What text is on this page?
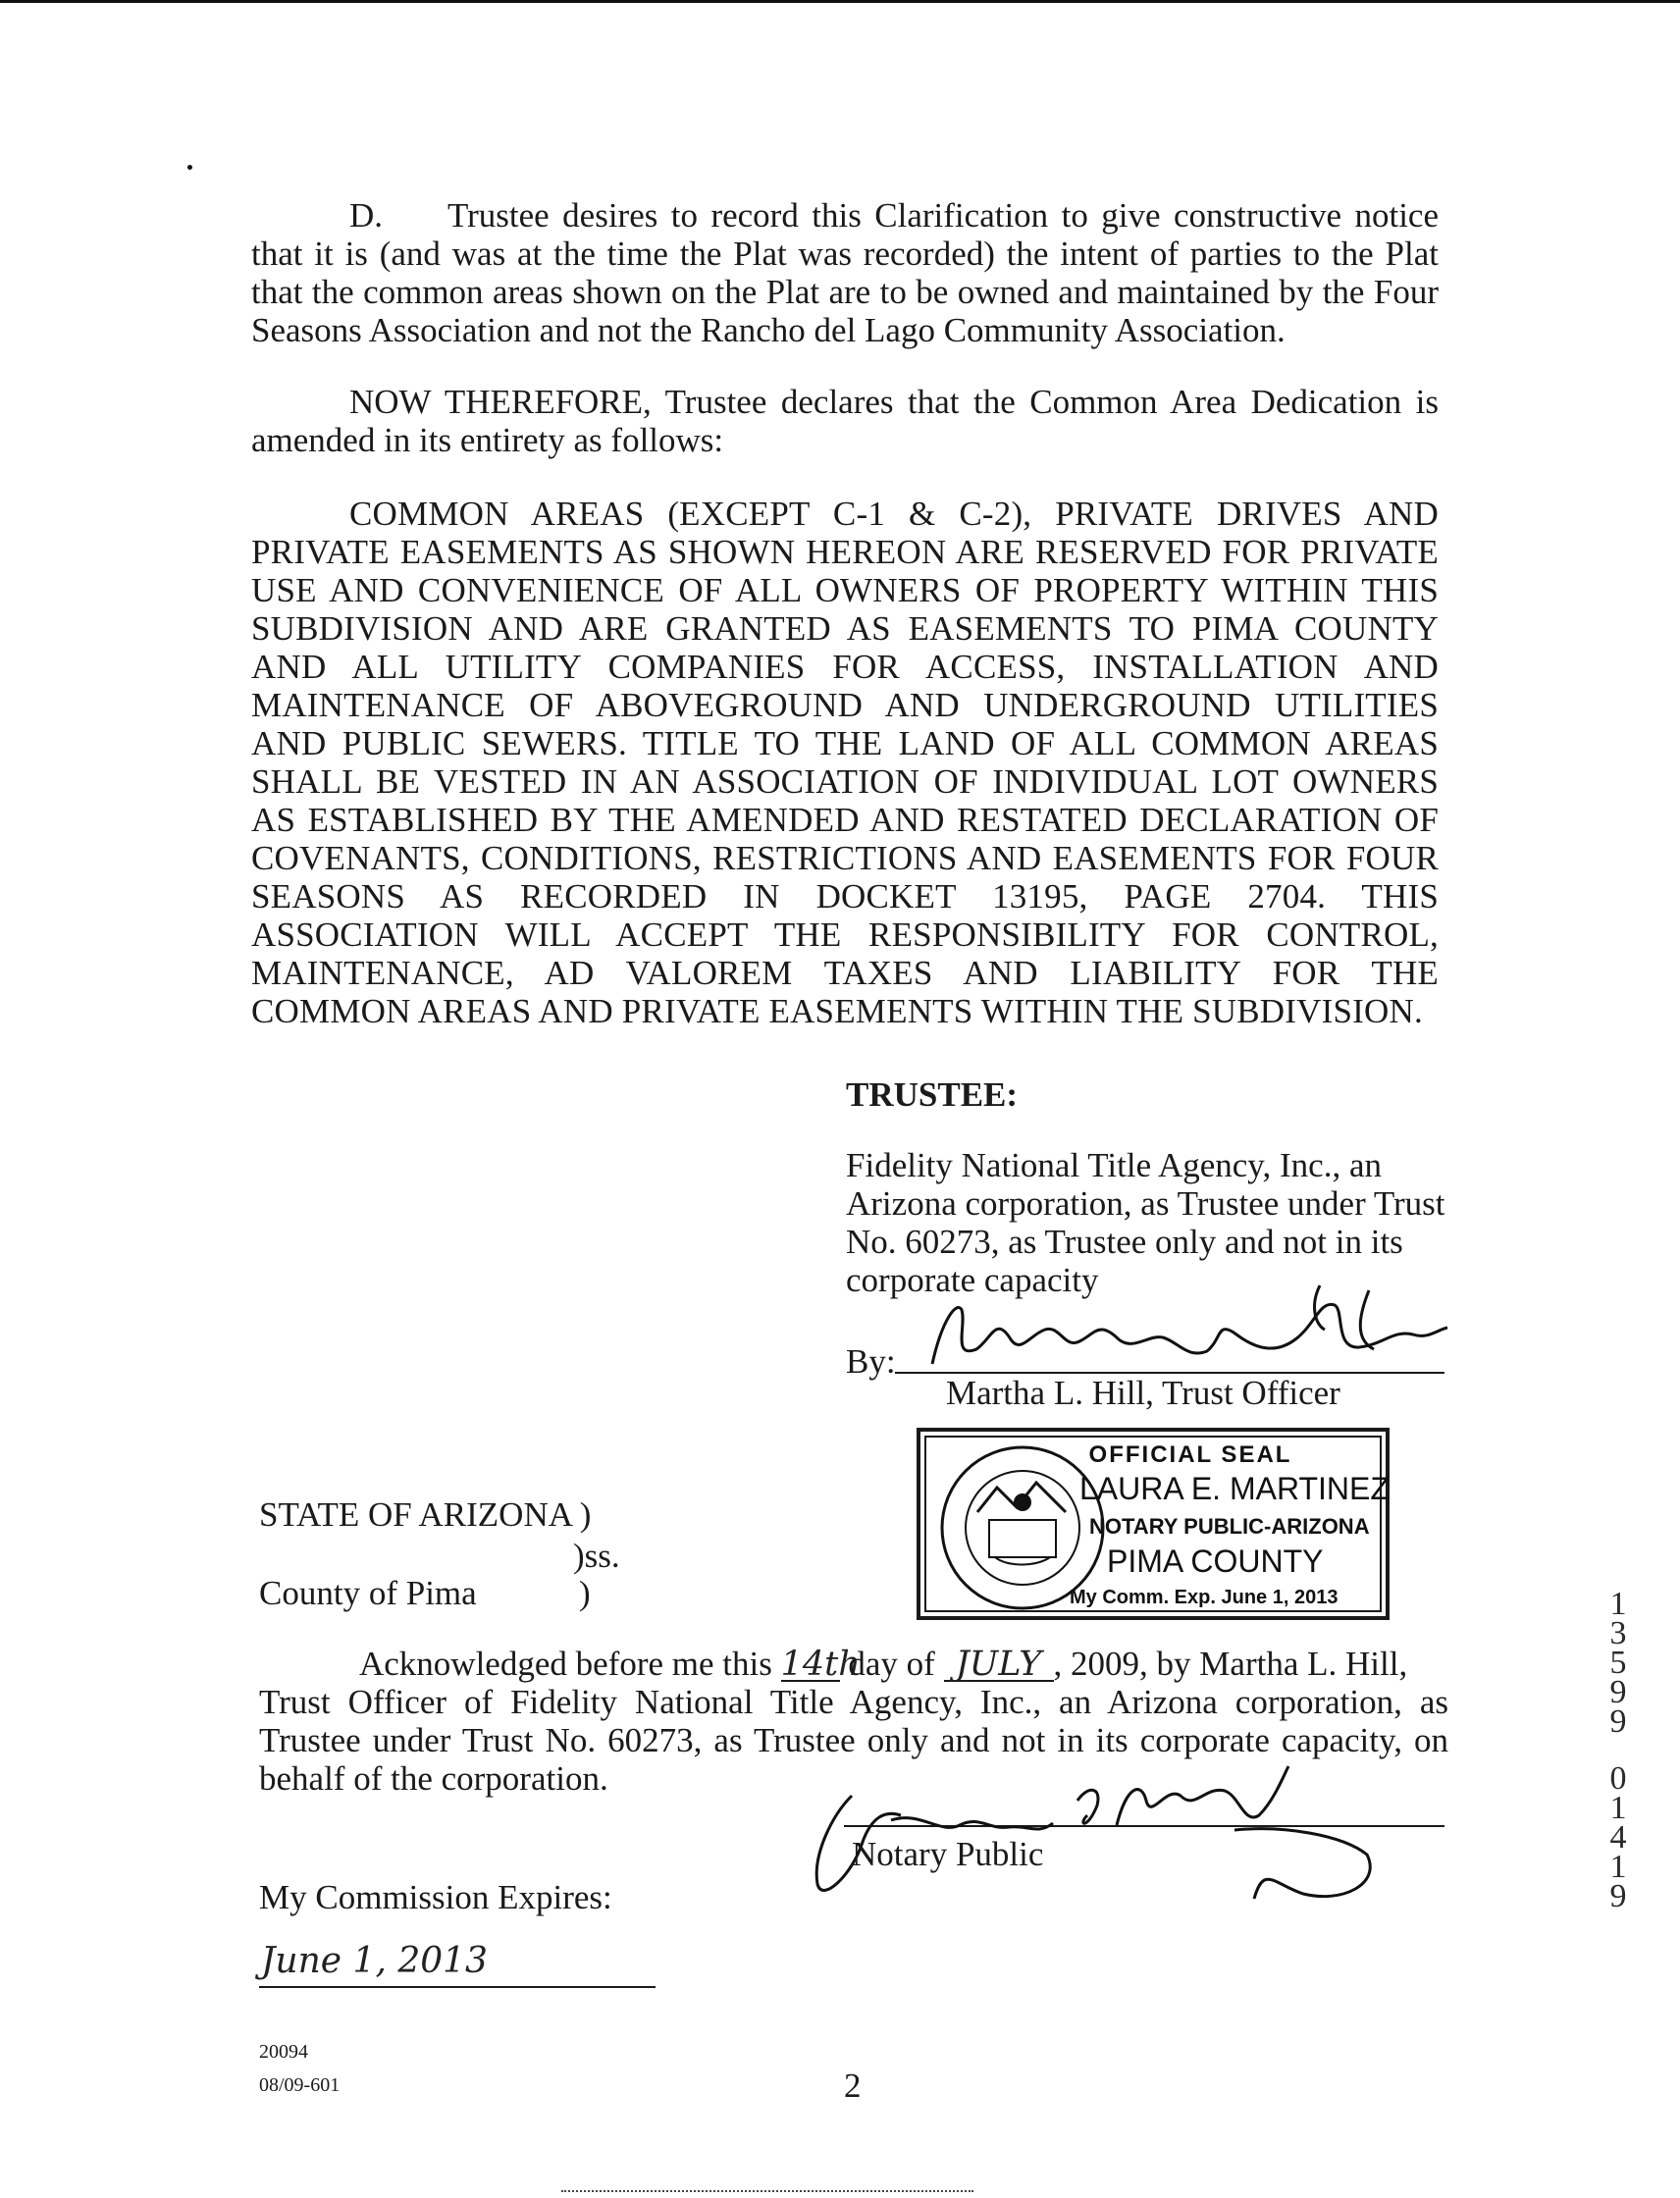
D. Trustee desires to record this Clarification to give constructive notice that it is (and was at the time the Plat was recorded) the intent of parties to the Plat that the common areas shown on the Plat are to be owned and maintained by the Four Seasons Association and not the Rancho del Lago Community Association.
NOW THEREFORE, Trustee declares that the Common Area Dedication is amended in its entirety as follows:
COMMON AREAS (EXCEPT C-1 & C-2), PRIVATE DRIVES AND PRIVATE EASEMENTS AS SHOWN HEREON ARE RESERVED FOR PRIVATE USE AND CONVENIENCE OF ALL OWNERS OF PROPERTY WITHIN THIS SUBDIVISION AND ARE GRANTED AS EASEMENTS TO PIMA COUNTY AND ALL UTILITY COMPANIES FOR ACCESS, INSTALLATION AND MAINTENANCE OF ABOVEGROUND AND UNDERGROUND UTILITIES AND PUBLIC SEWERS. TITLE TO THE LAND OF ALL COMMON AREAS SHALL BE VESTED IN AN ASSOCIATION OF INDIVIDUAL LOT OWNERS AS ESTABLISHED BY THE AMENDED AND RESTATED DECLARATION OF COVENANTS, CONDITIONS, RESTRICTIONS AND EASEMENTS FOR FOUR SEASONS AS RECORDED IN DOCKET 13195, PAGE 2704. THIS ASSOCIATION WILL ACCEPT THE RESPONSIBILITY FOR CONTROL, MAINTENANCE, AD VALOREM TAXES AND LIABILITY FOR THE COMMON AREAS AND PRIVATE EASEMENTS WITHIN THE SUBDIVISION.
TRUSTEE:
Fidelity National Title Agency, Inc., an
Arizona corporation, as Trustee under Trust
No. 60273, as Trustee only and not in its
corporate capacity
By:
Martha L. Hill, Trust Officer
OFFICIAL SEAL
LAURA E. MARTINEZ
NOTARY PUBLIC-ARIZONA
PIMA COUNTY
My Comm. Exp. June 1, 2013
STATE OF ARIZONA )
)ss.
County of Pima	)
Acknowledged before me this 14th day of JULY , 2009, by Martha L. Hill,
Trust Officer of Fidelity National Title Agency, Inc., an Arizona corporation, as Trustee under Trust No. 60273, as Trustee only and not in its corporate capacity, on behalf of the corporation.
Notary Public
My Commission Expires:
June 1, 2013
20094
08/09-601	2
1
3
5
9
9
0
1
4
1
9
